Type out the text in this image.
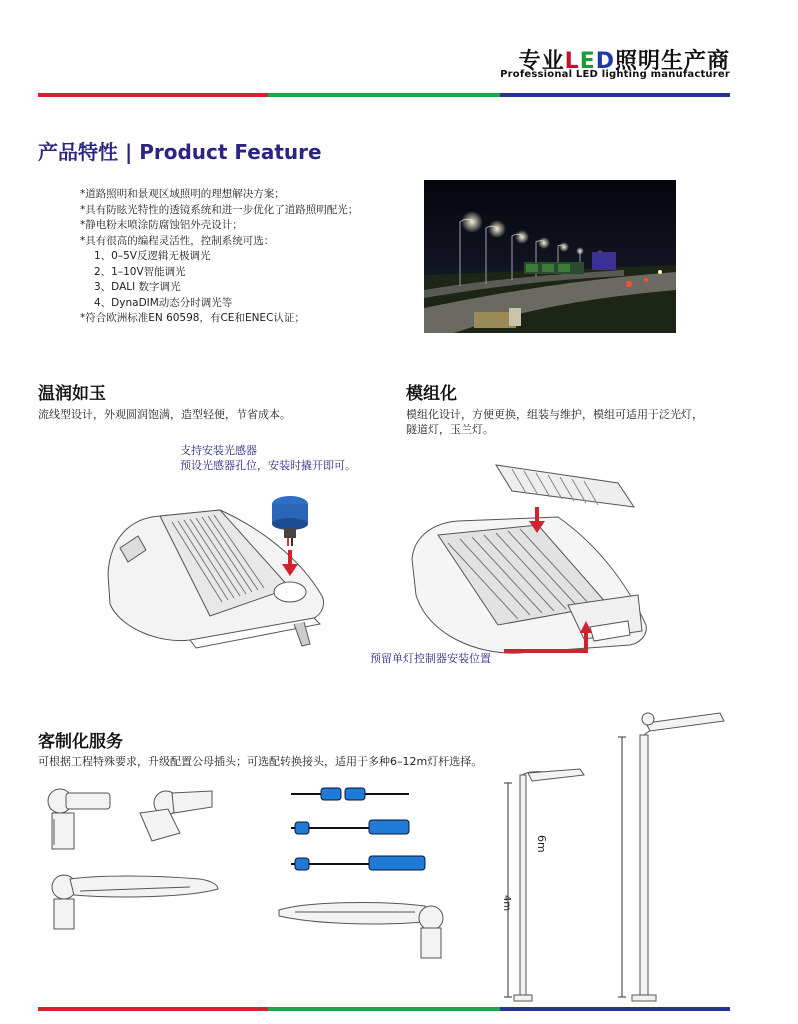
专业LED照明生产商
Professional LED lighting manufacturer
产品特性 | Product Feature
*道路照明和景观区域照明的理想解决方案；
*具有防眩光特性的透镜系统和进一步优化了道路照明配光；
*静电粉末喷涂防腐蚀铝外壳设计；
*具有很高的编程灵活性，控制系统可选：
1、0–5V反逻辑无极调光
2、1–10V智能调光
3、DALI 数字调光
4、DynaDIM动态分时调光等
*符合欧洲标准EN 60598，有CE和ENEC认证；
温润如玉
流线型设计，外观圆润饱满，造型轻便，节省成本。
支持安装光感器
预设光感器孔位，安装时撬开即可。
模组化
模组化设计，方便更换，组装与维护，模组可适用于泛光灯，
隧道灯，玉兰灯。
预留单灯控制器安装位置
客制化服务
可根据工程特殊要求，升级配置公母插头；可选配转换接头，适用于多种6–12m灯杆选择。
4m
6m
